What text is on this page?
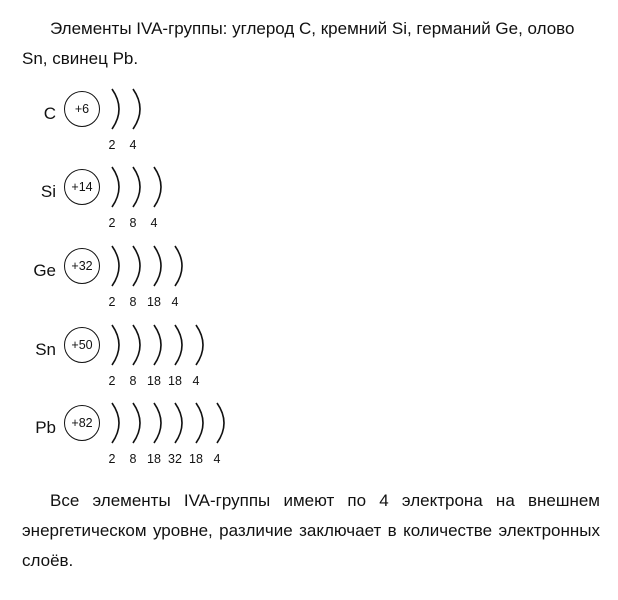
Элементы IVA-группы: углерод C, кремний Si, германий Ge, олово Sn, свинец Pb.
C	+6
2	4
Si	+14
2	8	4
Ge	+32
2	8 18 4
Sn	+50
2	8 18 18 4
Pb	+82
2	8 18 32 18 4
Все элементы IVA-группы имеют по 4 электрона на внешнем энергетическом уровне, различие заключает в количестве электронных слоёв.
